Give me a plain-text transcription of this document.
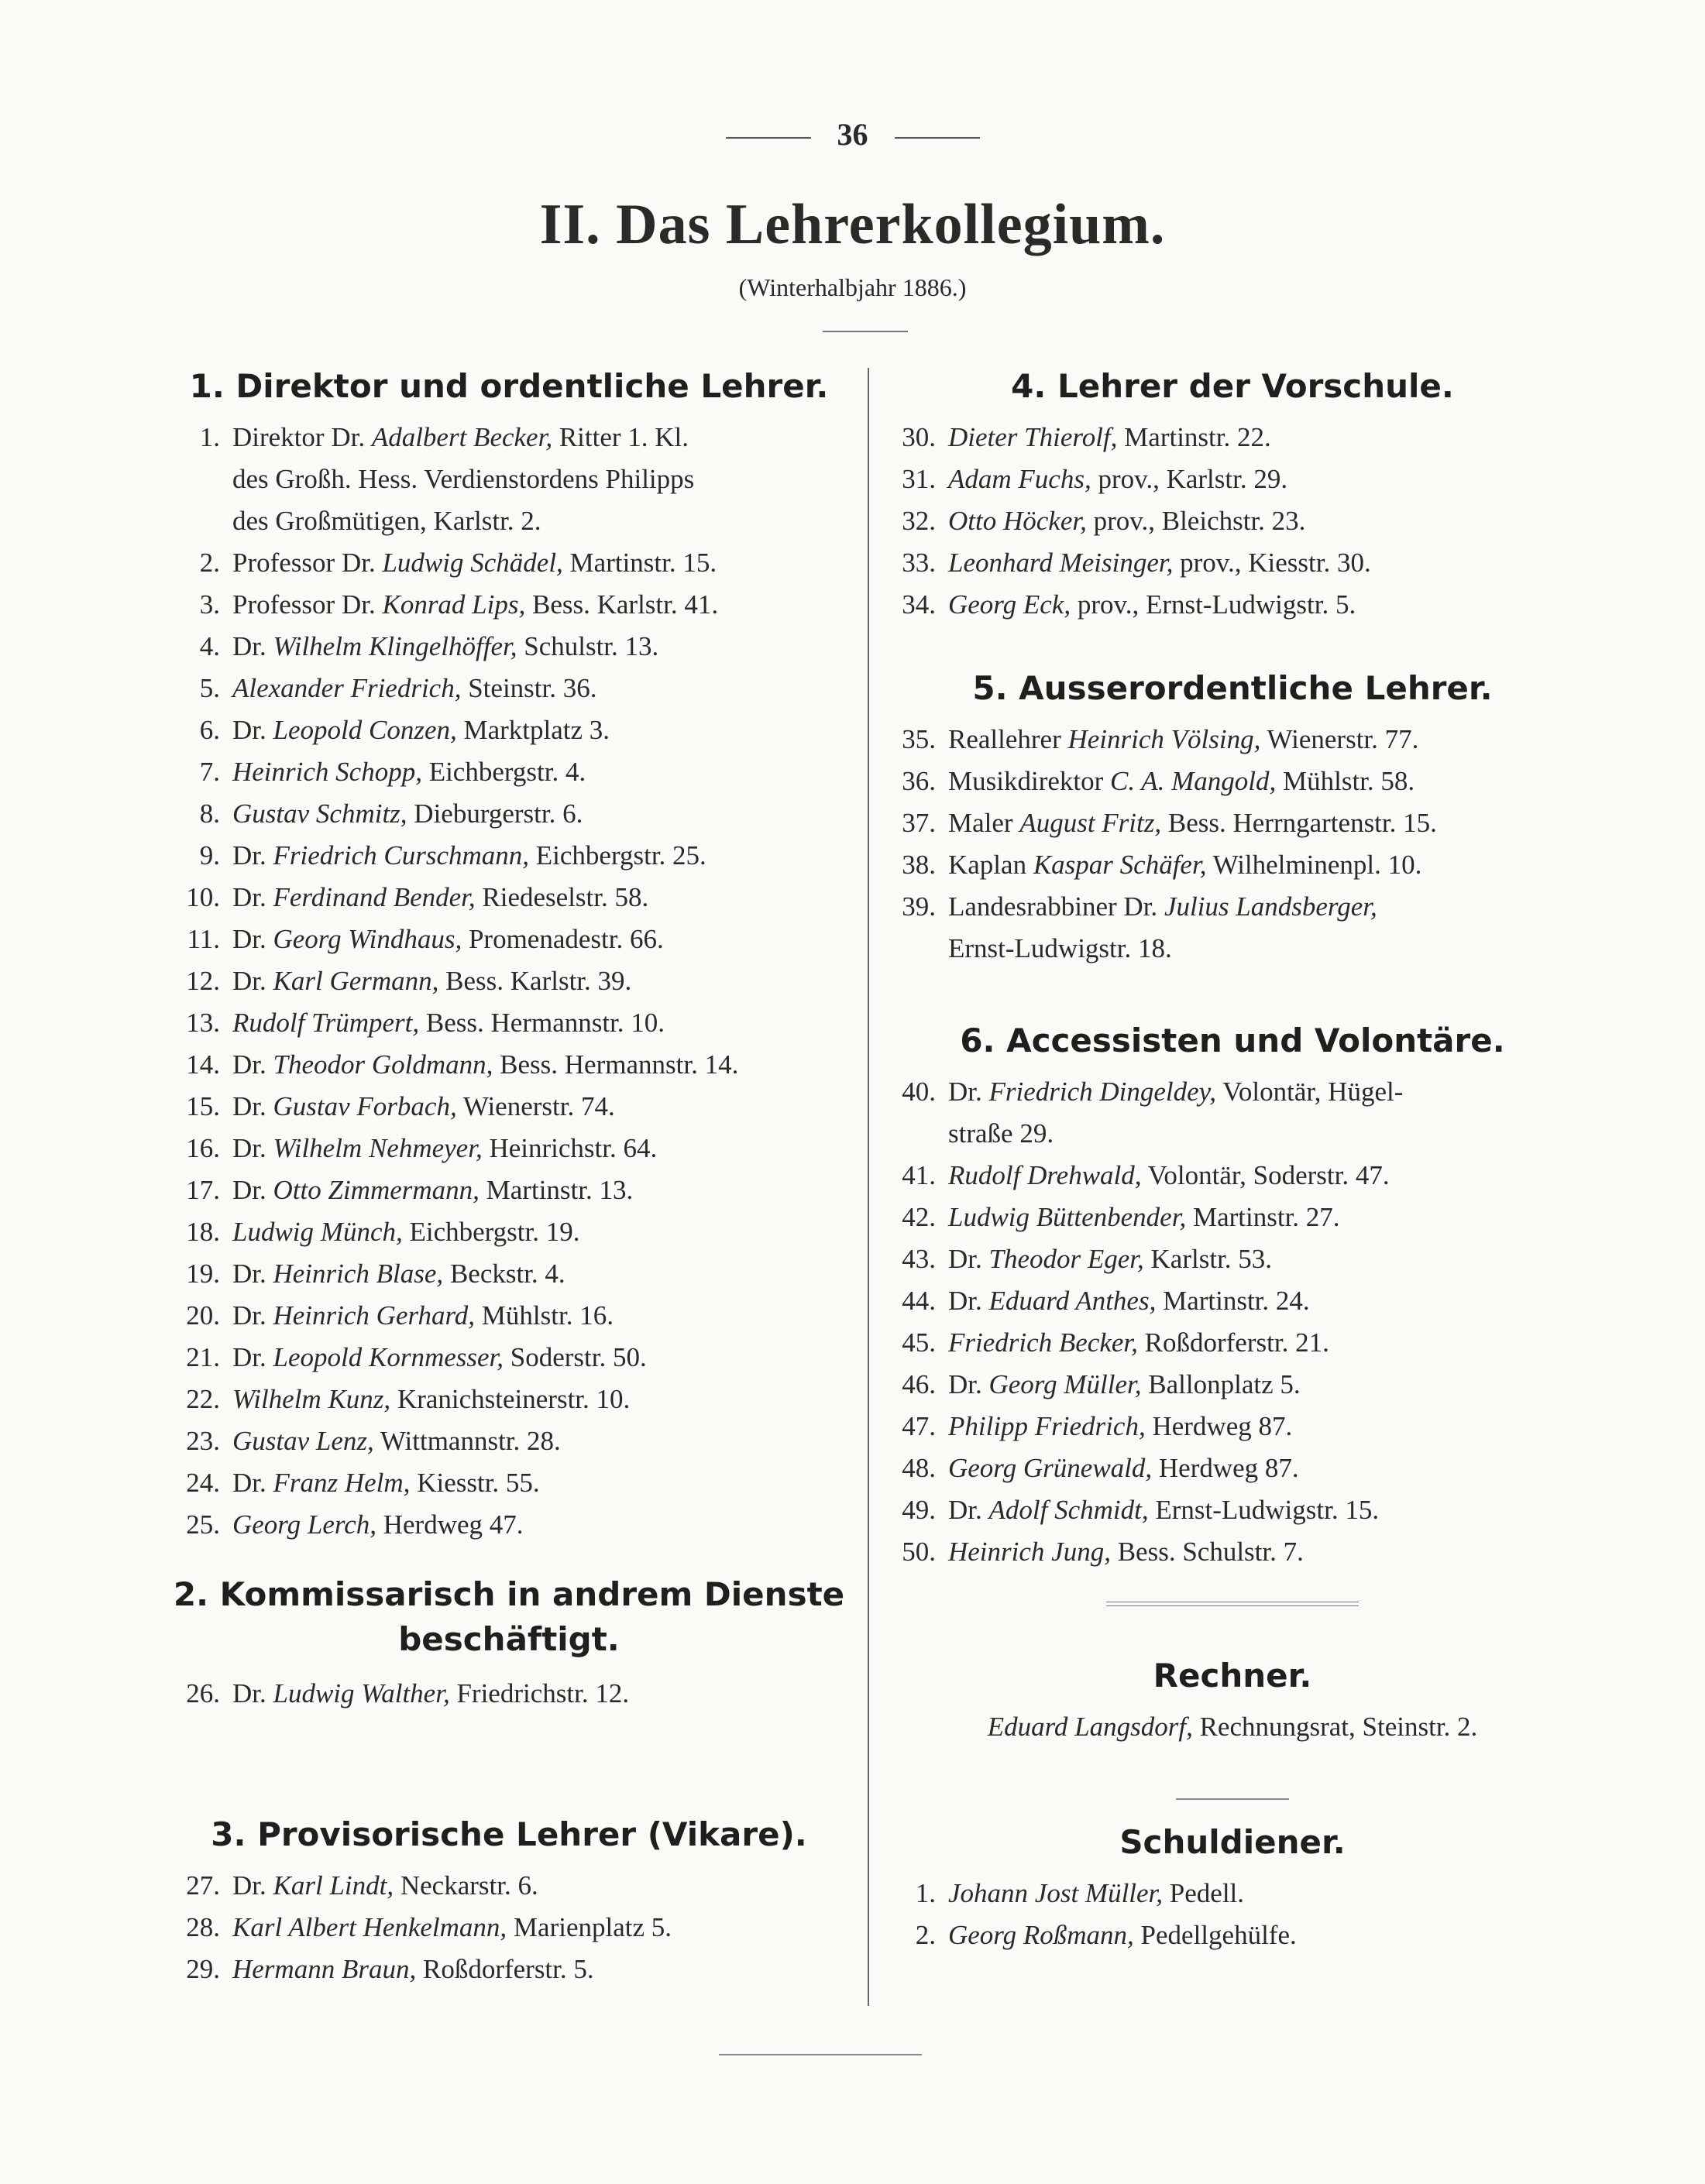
36
II. Das Lehrerkollegium.
(Winterhalbjahr 1886.)
1. Direktor und ordentliche Lehrer.
1. Direktor Dr. Adalbert Becker, Ritter 1. Kl.
des Großh. Hess. Verdienstordens Philipps
des Großmütigen, Karlstr. 2.
2. Professor Dr. Ludwig Schädel, Martinstr. 15.
3. Professor Dr. Konrad Lips, Bess. Karlstr. 41.
4. Dr. Wilhelm Klingelhöffer, Schulstr. 13.
5. Alexander Friedrich, Steinstr. 36.
6. Dr. Leopold Conzen, Marktplatz 3.
7. Heinrich Schopp, Eichbergstr. 4.
8. Gustav Schmitz, Dieburgerstr. 6.
9. Dr. Friedrich Curschmann, Eichbergstr. 25.
10. Dr. Ferdinand Bender, Riedeselstr. 58.
11. Dr. Georg Windhaus, Promenadestr. 66.
12. Dr. Karl Germann, Bess. Karlstr. 39.
13. Rudolf Trümpert, Bess. Hermannstr. 10.
14. Dr. Theodor Goldmann, Bess. Hermannstr. 14.
15. Dr. Gustav Forbach, Wienerstr. 74.
16. Dr. Wilhelm Nehmeyer, Heinrichstr. 64.
17. Dr. Otto Zimmermann, Martinstr. 13.
18. Ludwig Münch, Eichbergstr. 19.
19. Dr. Heinrich Blase, Beckstr. 4.
20. Dr. Heinrich Gerhard, Mühlstr. 16.
21. Dr. Leopold Kornmesser, Soderstr. 50.
22. Wilhelm Kunz, Kranichsteinerstr. 10.
23. Gustav Lenz, Wittmannstr. 28.
24. Dr. Franz Helm, Kiesstr. 55.
25. Georg Lerch, Herdweg 47.
2. Kommissarisch in andrem Dienste
beschäftigt.
26. Dr. Ludwig Walther, Friedrichstr. 12.
3. Provisorische Lehrer (Vikare).
27. Dr. Karl Lindt, Neckarstr. 6.
28. Karl Albert Henkelmann, Marienplatz 5.
29. Hermann Braun, Roßdorferstr. 5.
4. Lehrer der Vorschule.
30. Dieter Thierolf, Martinstr. 22.
31. Adam Fuchs, prov., Karlstr. 29.
32. Otto Höcker, prov., Bleichstr. 23.
33. Leonhard Meisinger, prov., Kiesstr. 30.
34. Georg Eck, prov., Ernst-Ludwigstr. 5.
5. Ausserordentliche Lehrer.
35. Reallehrer Heinrich Völsing, Wienerstr. 77.
36. Musikdirektor C. A. Mangold, Mühlstr. 58.
37. Maler August Fritz, Bess. Herrngartenstr. 15.
38. Kaplan Kaspar Schäfer, Wilhelminenpl. 10.
39. Landesrabbiner Dr. Julius Landsberger,
Ernst-Ludwigstr. 18.
6. Accessisten und Volontäre.
40. Dr. Friedrich Dingeldey, Volontär, Hügel-
straße 29.
41. Rudolf Drehwald, Volontär, Soderstr. 47.
42. Ludwig Büttenbender, Martinstr. 27.
43. Dr. Theodor Eger, Karlstr. 53.
44. Dr. Eduard Anthes, Martinstr. 24.
45. Friedrich Becker, Roßdorferstr. 21.
46. Dr. Georg Müller, Ballonplatz 5.
47. Philipp Friedrich, Herdweg 87.
48. Georg Grünewald, Herdweg 87.
49. Dr. Adolf Schmidt, Ernst-Ludwigstr. 15.
50. Heinrich Jung, Bess. Schulstr. 7.
Rechner.
Eduard Langsdorf, Rechnungsrat, Steinstr. 2.
Schuldiener.
1. Johann Jost Müller, Pedell.
2. Georg Roßmann, Pedellgehülfe.
